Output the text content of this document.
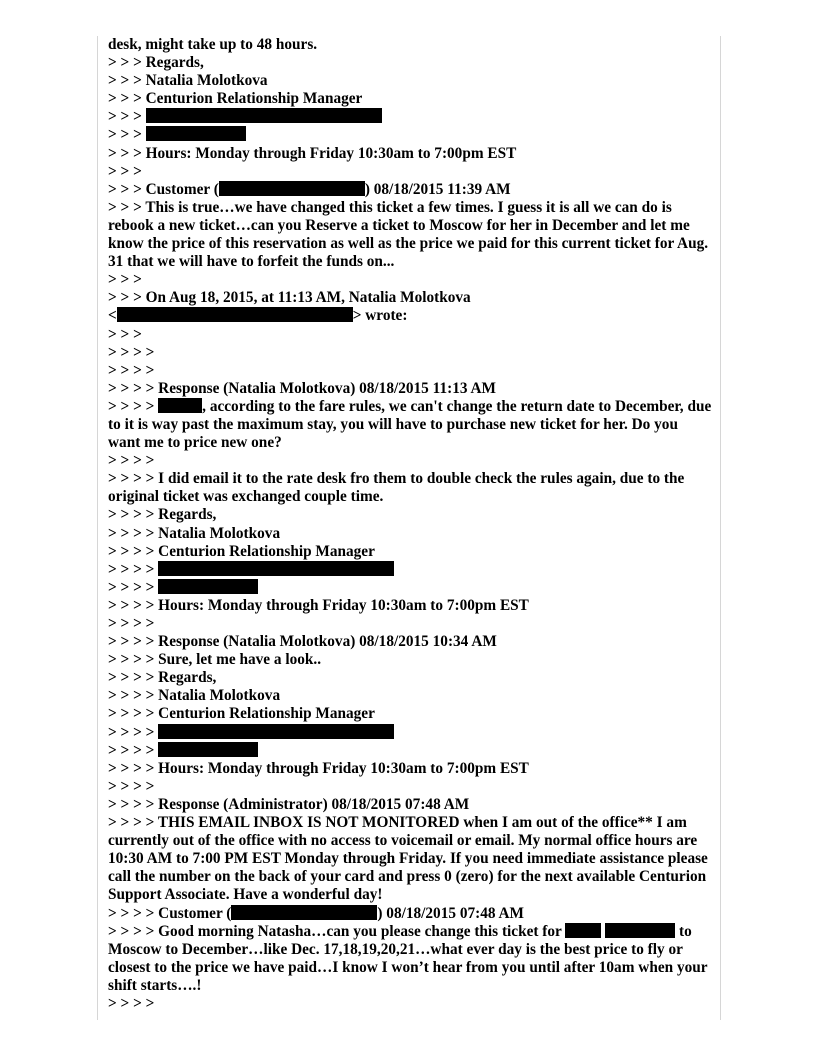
desk, might take up to 48 hours.
> > > Regards,
> > > Natalia Molotkova
> > > Centurion Relationship Manager
> > >
> > >
> > > Hours: Monday through Friday 10:30am to 7:00pm EST
> > >
> > > Customer (	) 08/18/2015 11:39 AM
> > > This is true…we have changed this ticket a few times. I guess it is all we can do is rebook a new ticket…can you Reserve a ticket to Moscow for her in December and let me know the price of this reservation as well as the price we paid for this current ticket for Aug. 31 that we will have to forfeit the funds on...
> > >
> > > On Aug 18, 2015, at 11:13 AM, Natalia Molotkova
<	> wrote:
> > >
> > > >
> > > >
> > > > Response (Natalia Molotkova) 08/18/2015 11:13 AM
> > > >	, according to the fare rules, we can't change the return date to December, due to it is way past the maximum stay, you will have to purchase new ticket for her. Do you want me to price new one?
> > > >
> > > > I did email it to the rate desk fro them to double check the rules again, due to the original ticket was exchanged couple time.
> > > > Regards,
> > > > Natalia Molotkova
> > > > Centurion Relationship Manager
> > > >
> > > >
> > > > Hours: Monday through Friday 10:30am to 7:00pm EST
> > > >
> > > > Response (Natalia Molotkova) 08/18/2015 10:34 AM
> > > > Sure, let me have a look..
> > > > Regards,
> > > > Natalia Molotkova
> > > > Centurion Relationship Manager
> > > >
> > > >
> > > > Hours: Monday through Friday 10:30am to 7:00pm EST
> > > >
> > > > Response (Administrator) 08/18/2015 07:48 AM
> > > > THIS EMAIL INBOX IS NOT MONITORED when I am out of the office** I am currently out of the office with no access to voicemail or email. My normal office hours are 10:30 AM to 7:00 PM EST Monday through Friday. If you need immediate assistance please call the number on the back of your card and press 0 (zero) for the next available Centurion Support Associate. Have a wonderful day!
> > > > Customer (	) 08/18/2015 07:48 AM
> > > > Good morning Natasha…can you please change this ticket for	to Moscow to December…like Dec. 17,18,19,20,21…what ever day is the best price to fly or closest to the price we have paid…I know I won’t hear from you until after 10am when your shift starts….!
> > > >
